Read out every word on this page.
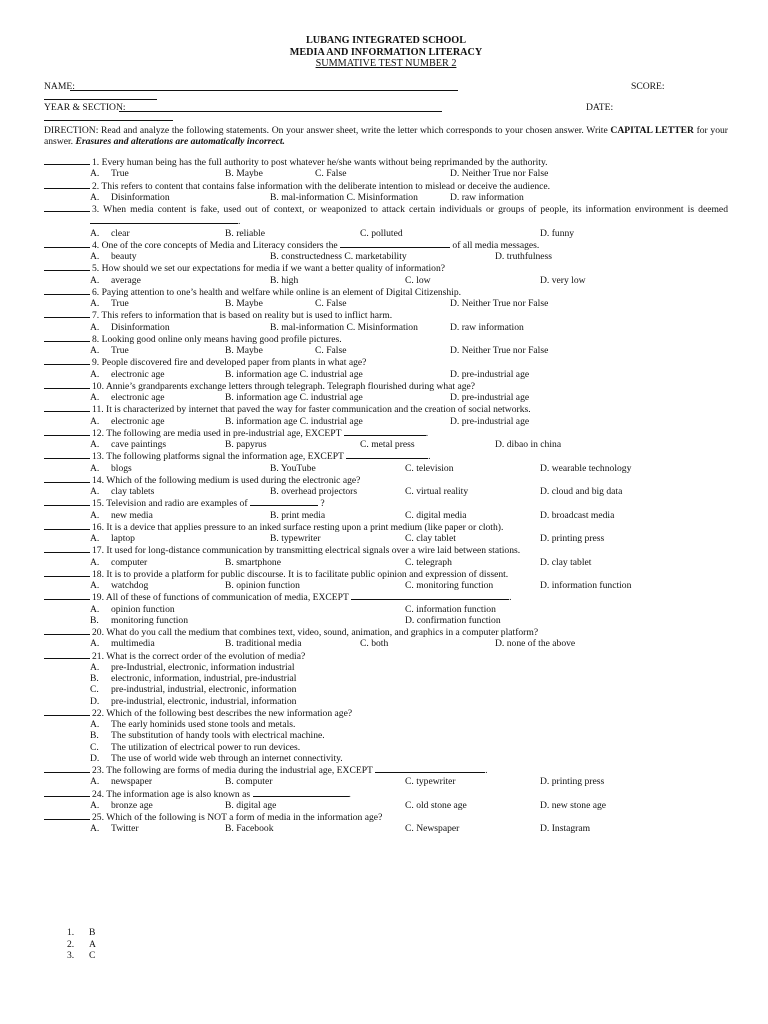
LUBANG INTEGRATED SCHOOL
MEDIA AND INFORMATION LITERACY
SUMMATIVE TEST NUMBER 2
NAME:	SCORE:
YEAR & SECTION:	DATE:
DIRECTION: Read and analyze the following statements. On your answer sheet, write the letter which corresponds to your chosen answer. Write CAPITAL LETTER for your answer. Erasures and alterations are automatically incorrect.
1. Every human being has the full authority to post whatever he/she wants without being reprimanded by the authority.
A. True	B. Maybe	C. False	D. Neither True nor False
2. This refers to content that contains false information with the deliberate intention to mislead or deceive the audience.
A. Disinformation	B. mal-information C. Misinformation	D. raw information
3. When media content is fake, used out of context, or weaponized to attack certain individuals or groups of people, its information environment is deemed .
A. clear	B. reliable	C. polluted	D. funny
4. One of the core concepts of Media and Literacy considers the	of all media messages.
A. beauty	B. constructedness C. marketability	D. truthfulness
5. How should we set our expectations for media if we want a better quality of information?
A. average	B. high	C. low	D. very low
6. Paying attention to one’s health and welfare while online is an element of Digital Citizenship.
A. True	B. Maybe	C. False	D. Neither True nor False
7. This refers to information that is based on reality but is used to inflict harm.
A. Disinformation	B. mal-information C. Misinformation	D. raw information
8. Looking good online only means having good profile pictures.
A. True	B. Maybe	C. False	D. Neither True nor False
9. People discovered fire and developed paper from plants in what age?
A. electronic age	B. information age C. industrial age	D. pre-industrial age
10. Annie’s grandparents exchange letters through telegraph. Telegraph flourished during what age?
A. electronic age	B. information age C. industrial age	D. pre-industrial age
11. It is characterized by internet that paved the way for faster communication and the creation of social networks.
A. electronic age	B. information age C. industrial age	D. pre-industrial age
12. The following are media used in pre-industrial age, EXCEPT	.
A. cave paintings	B. papyrus	C. metal press	D. dibao in china
13. The following platforms signal the information age, EXCEPT	.
A. blogs	B. YouTube	C. television	D. wearable technology
14. Which of the following medium is used during the electronic age?
A. clay tablets	B. overhead projectors	C. virtual reality	D. cloud and big data
15. Television and radio are examples of	?
A. new media	B. print media	C. digital media	D. broadcast media
16. It is a device that applies pressure to an inked surface resting upon a print medium (like paper or cloth).
A. laptop	B. typewriter	C. clay tablet	D. printing press
17. It used for long-distance communication by transmitting electrical signals over a wire laid between stations.
A. computer	B. smartphone	C. telegraph	D. clay tablet
18. It is to provide a platform for public discourse. It is to facilitate public opinion and expression of dissent.
A. watchdog	B. opinion function	C. monitoring function	D. information function
19. All of these of functions of communication of media, EXCEPT	.
A. opinion function	C. information function
B. monitoring function	D. confirmation function
20. What do you call the medium that combines text, video, sound, animation, and graphics in a computer platform?
A. multimedia	B. traditional media	C. both	D. none of the above
21. What is the correct order of the evolution of media?
A. pre-Industrial, electronic, information industrial
B. electronic, information, industrial, pre-industrial
C. pre-industrial, industrial, electronic, information
D. pre-industrial, electronic, industrial, information
22. Which of the following best describes the new information age?
A. The early hominids used stone tools and metals.
B. The substitution of handy tools with electrical machine.
C. The utilization of electrical power to run devices.
D. The use of world wide web through an internet connectivity.
23. The following are forms of media during the industrial age, EXCEPT	.
A. newspaper	B. computer	C. typewriter	D. printing press
24. The information age is also known as	.
A. bronze age	B. digital age	C. old stone age	D. new stone age
25. Which of the following is NOT a form of media in the information age?
A. Twitter	B. Facebook	C. Newspaper	D. Instagram
1. B
2. A
3. C
